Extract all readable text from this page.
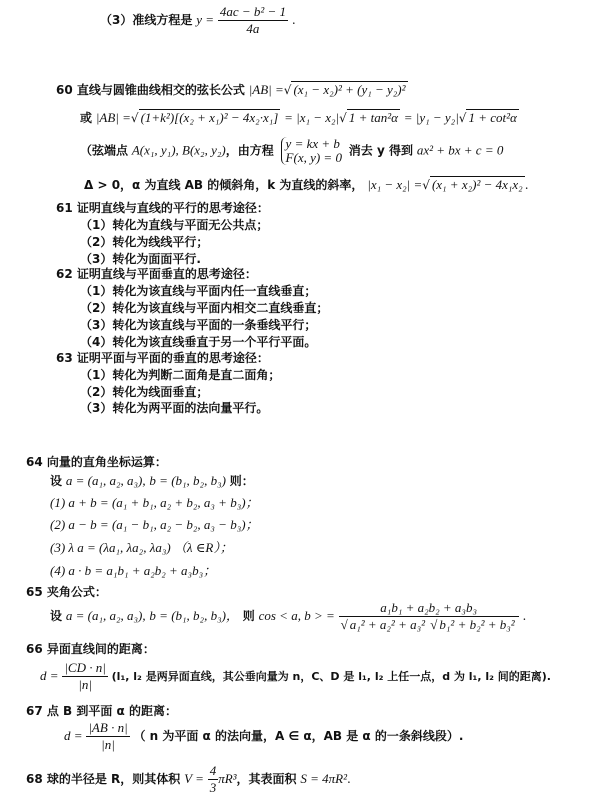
（3）准线方程是 $y = \frac{\text{4ac − b² − 1}}{4a}$ .
60 直线与圆锥曲线相交的弦长公式 |AB| =√ (x₁ − x₂)² + (y₁ − y₂)²
或 |AB| =√ (1+k²)[(x₂ + x₁)² − 4x₂·x₁] = |x₁ − x₂|√ 1 + tan²α = |y₁ − y₂|√ 1 + cot²α
（弦端点 A(x₁, y₁), B(x₂, y₂)，由方程 y = kx + b
F(x, y) = 0 消去 y 得到 ax² + bx + c = 0
Δ > 0，α 为直线 AB 的倾斜角，k 为直线的斜率， |x₁ − x₂| =√ (x₁ + x₂)² − 4x₁x₂ .
61 证明直线与直线的平行的思考途径：
（1）转化为直线与平面无公共点；
（2）转化为线线平行；
（3）转化为面面平行.
62 证明直线与平面垂直的思考途径：
（1）转化为该直线与平面内任一直线垂直；
（2）转化为该直线与平面内相交二直线垂直；
（3）转化为该直线与平面的一条垂线平行；
（4）转化为该直线垂直于另一个平行平面。
63 证明平面与平面的垂直的思考途径：
（1）转化为判断二面角是直二面角；
（2）转化为线面垂直；
（3）转化为两平面的法向量平行。
64 向量的直角坐标运算：
设 a = (a₁, a₂, a₃), b = (b₁, b₂, b₃) 则：
(1) a + b = (a₁ + b₁, a₂ + b₂, a₃ + b₃)；
(2) a − b = (a₁ − b₁, a₂ − b₂, a₃ − b₃)；
(3) λ a = (λa₁, λa₂, λa₃) （λ ∈R）；
(4) a · b = a₁b₁ + a₂b₂ + a₃b₃；
65 夹角公式：
设 a = (a₁, a₂, a₃), b = (b₁, b₂, b₃)， 则 cos < a, b > = $\frac{\text{a₁b₁ + a₂b₂ + a₃b₃}}{\text{√ a₁² + a₂² + a₃² √ b₁² + b₂² + b₃²}}$ .
66 异面直线间的距离：
$d = \frac{|CD \cdot n|}{|n|} (l_1$, l₂ 是两异面直线，其公垂向量为 n，C、D 是 l₁, l₂ 上任一点，d 为 l₁, l₂ 间的距离).
67 点 B 到平面 α 的距离：
$d = \frac{|AB \cdot n|}{|n|}$ （ n 为平面 α 的法向量，A ∈ α，AB 是 α 的一条斜线段）.
68 球的半径是 R，则其体积 $V = \frac{4}{3} \pi R^3$，其表面积 S = 4πR².
